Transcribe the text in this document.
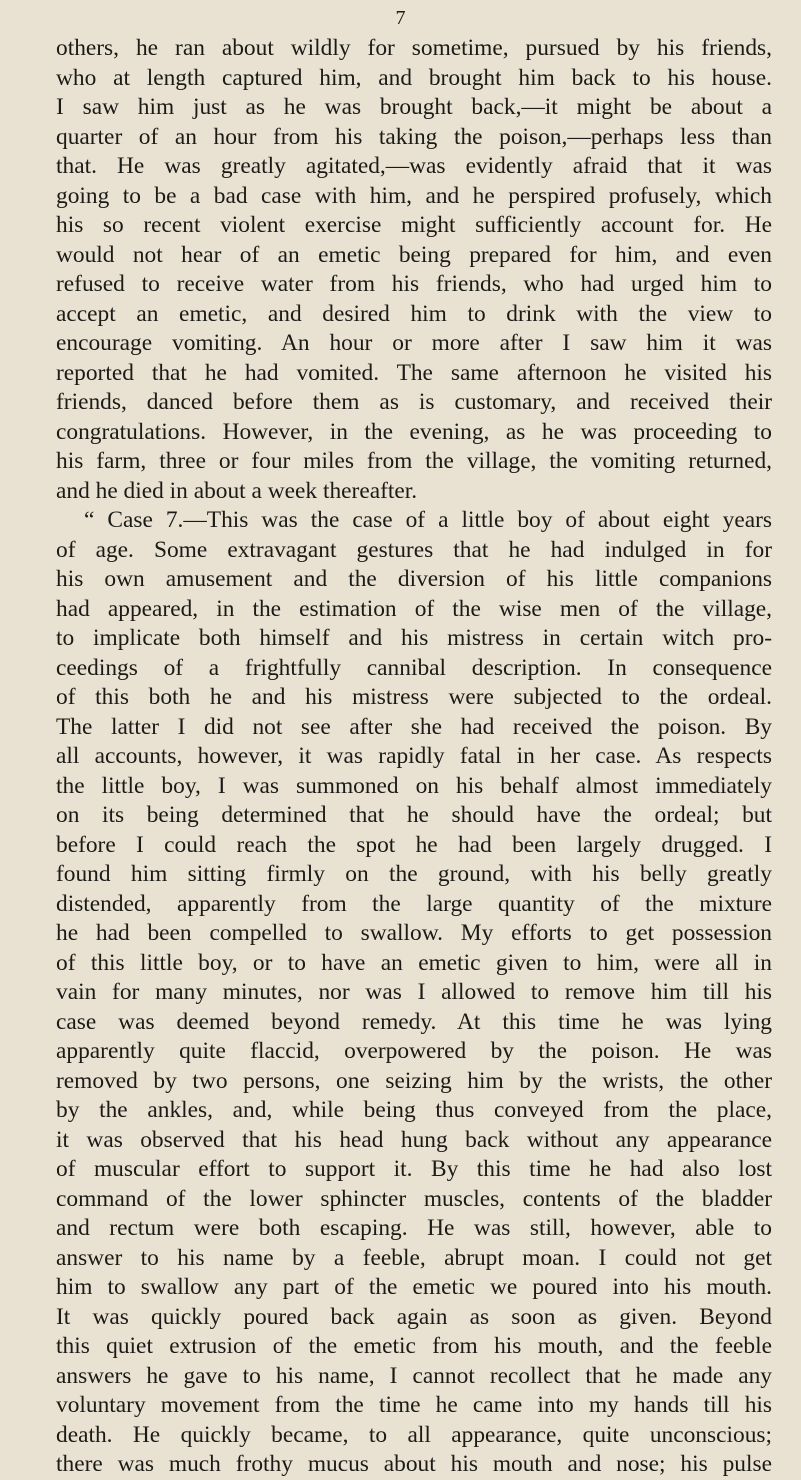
7
others, he ran about wildly for sometime, pursued by his friends,
who at length captured him, and brought him back to his house.
I saw him just as he was brought back,—it might be about a
quarter of an hour from his taking the poison,—perhaps less than
that. He was greatly agitated,—was evidently afraid that it was
going to be a bad case with him, and he perspired profusely, which
his so recent violent exercise might sufficiently account for. He
would not hear of an emetic being prepared for him, and even
refused to receive water from his friends, who had urged him to
accept an emetic, and desired him to drink with the view to
encourage vomiting. An hour or more after I saw him it was
reported that he had vomited. The same afternoon he visited his
friends, danced before them as is customary, and received their
congratulations. However, in the evening, as he was proceeding to
his farm, three or four miles from the village, the vomiting returned,
and he died in about a week thereafter.
“ Case 7.—This was the case of a little boy of about eight years
of age. Some extravagant gestures that he had indulged in for
his own amusement and the diversion of his little companions
had appeared, in the estimation of the wise men of the village,
to implicate both himself and his mistress in certain witch pro-
ceedings of a frightfully cannibal description. In consequence
of this both he and his mistress were subjected to the ordeal.
The latter I did not see after she had received the poison. By
all accounts, however, it was rapidly fatal in her case. As respects
the little boy, I was summoned on his behalf almost immediately
on its being determined that he should have the ordeal; but
before I could reach the spot he had been largely drugged. I
found him sitting firmly on the ground, with his belly greatly
distended, apparently from the large quantity of the mixture
he had been compelled to swallow. My efforts to get possession
of this little boy, or to have an emetic given to him, were all in
vain for many minutes, nor was I allowed to remove him till his
case was deemed beyond remedy. At this time he was lying
apparently quite flaccid, overpowered by the poison. He was
removed by two persons, one seizing him by the wrists, the other
by the ankles, and, while being thus conveyed from the place,
it was observed that his head hung back without any appearance
of muscular effort to support it. By this time he had also lost
command of the lower sphincter muscles, contents of the bladder
and rectum were both escaping. He was still, however, able to
answer to his name by a feeble, abrupt moan. I could not get
him to swallow any part of the emetic we poured into his mouth.
It was quickly poured back again as soon as given. Beyond
this quiet extrusion of the emetic from his mouth, and the feeble
answers he gave to his name, I cannot recollect that he made any
voluntary movement from the time he came into my hands till his
death. He quickly became, to all appearance, quite unconscious;
there was much frothy mucus about his mouth and nose; his pulse
